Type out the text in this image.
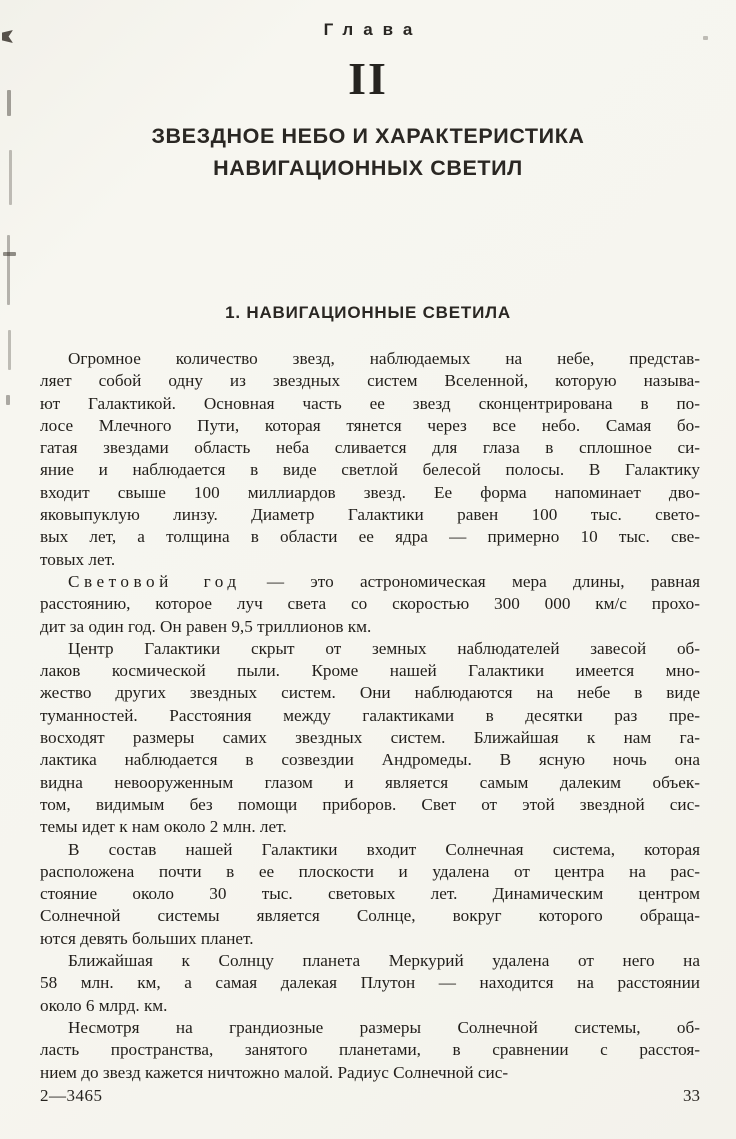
Глава
II
ЗВЕЗДНОЕ НЕБО И ХАРАКТЕРИСТИКА
НАВИГАЦИОННЫХ СВЕТИЛ
1. НАВИГАЦИОННЫЕ СВЕТИЛА
Огромное количество звезд, наблюдаемых на небе, представ-
ляет собой одну из звездных систем Вселенной, которую называ-
ют Галактикой. Основная часть ее звезд сконцентрирована в по-
лосе Млечного Пути, которая тянется через все небо. Самая бо-
гатая звездами область неба сливается для глаза в сплошное си-
яние и наблюдается в виде светлой белесой полосы. В Галактику
входит свыше 100 миллиардов звезд. Ее форма напоминает дво-
яковыпуклую линзу. Диаметр Галактики равен 100 тыс. свето-
вых лет, а толщина в области ее ядра — примерно 10 тыс. све-
товых лет.
Световой год — это астрономическая мера длины, равная
расстоянию, которое луч света со скоростью 300 000 км/с прохо-
дит за один год. Он равен 9,5 триллионов км.
Центр Галактики скрыт от земных наблюдателей завесой об-
лаков космической пыли. Кроме нашей Галактики имеется мно-
жество других звездных систем. Они наблюдаются на небе в виде
туманностей. Расстояния между галактиками в десятки раз пре-
восходят размеры самих звездных систем. Ближайшая к нам га-
лактика наблюдается в созвездии Андромеды. В ясную ночь она
видна невооруженным глазом и является самым далеким объек-
том, видимым без помощи приборов. Свет от этой звездной сис-
темы идет к нам около 2 млн. лет.
В состав нашей Галактики входит Солнечная система, которая
расположена почти в ее плоскости и удалена от центра на рас-
стояние около 30 тыс. световых лет. Динамическим центром
Солнечной системы является Солнце, вокруг которого обраща-
ются девять больших планет.
Ближайшая к Солнцу планета Меркурий удалена от него на
58 млн. км, а самая далекая Плутон — находится на расстоянии
около 6 млрд. км.
Несмотря на грандиозные размеры Солнечной системы, об-
ласть пространства, занятого планетами, в сравнении с расстоя-
нием до звезд кажется ничтожно малой. Радиус Солнечной сис-
2—3465	33
